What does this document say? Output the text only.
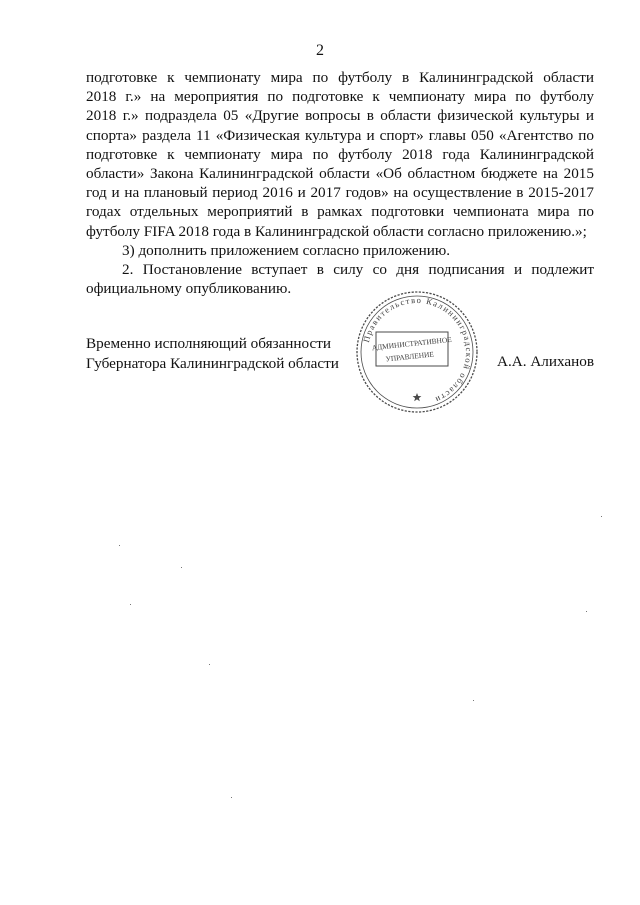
2
подготовке к чемпионату мира по футболу в Калининградской области
2018 г.» на мероприятия по подготовке к чемпионату мира по футболу
2018 г.» подраздела 05 «Другие вопросы в области физической культуры и
спорта» раздела 11 «Физическая культура и спорт» главы 050 «Агентство по
подготовке к чемпионату мира по футболу 2018 года Калининградской
области» Закона Калининградской области «Об областном бюджете на 2015
год и на плановый период 2016 и 2017 годов» на осуществление в 2015-2017
годах отдельных мероприятий в рамках подготовки чемпионата мира по
футболу FIFA 2018 года в Калининградской области согласно приложению.»;
3) дополнить приложением согласно приложению.
2. Постановление вступает в силу со дня подписания и подлежит
официальному опубликованию.
Временно исполняющий обязанности
Губернатора Калининградской области
Правительство Калининградской области
АДМИНИСТРАТИВНОЕ
УПРАВЛЕНИЕ	А.А. Алиханов
